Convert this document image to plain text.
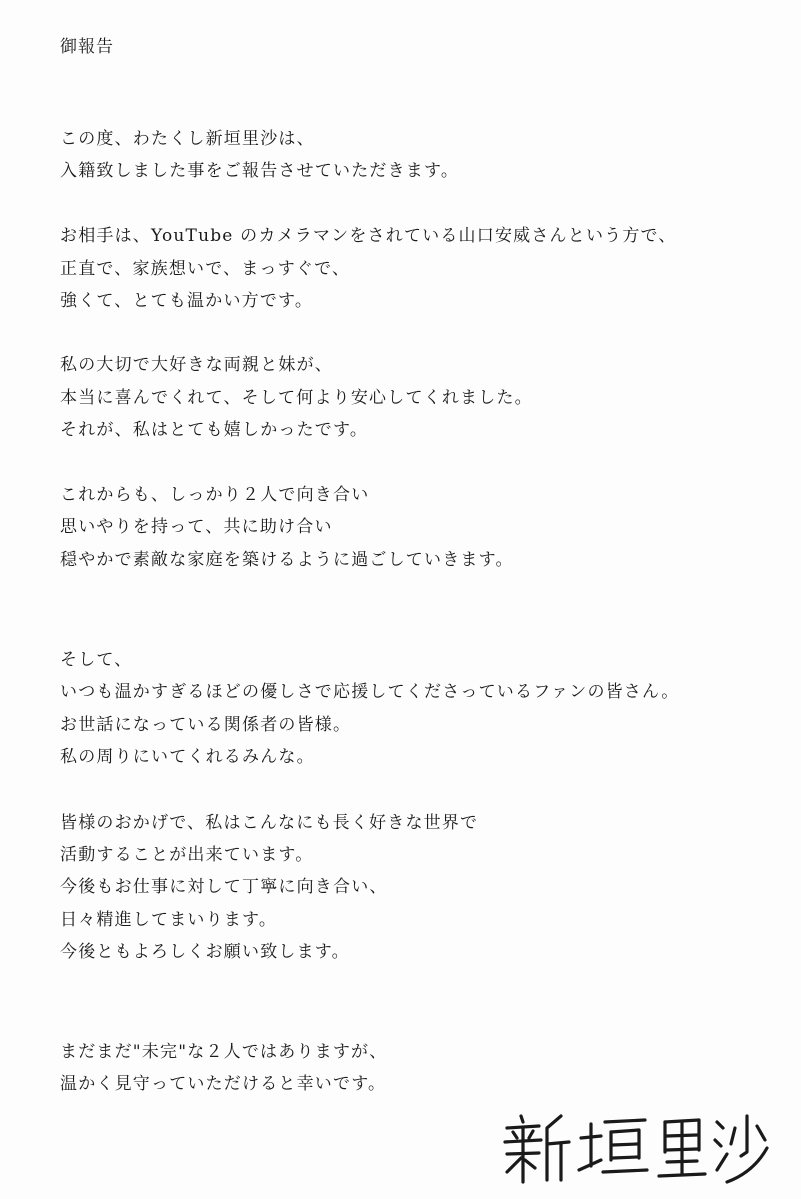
御報告
この度、わたくし新垣里沙は、
入籍致しました事をご報告させていただきます。
お相手は、YouTube のカメラマンをされている山口安威さんという方で、
正直で、家族想いで、まっすぐで、
強くて、とても温かい方です。
私の大切で大好きな両親と妹が、
本当に喜んでくれて、そして何より安心してくれました。
それが、私はとても嬉しかったです。
これからも、しっかり２人で向き合い
思いやりを持って、共に助け合い
穏やかで素敵な家庭を築けるように過ごしていきます。
そして、
いつも温かすぎるほどの優しさで応援してくださっているファンの皆さん。
お世話になっている関係者の皆様。
私の周りにいてくれるみんな。
皆様のおかげで、私はこんなにも長く好きな世界で
活動することが出来ています。
今後もお仕事に対して丁寧に向き合い、
日々精進してまいります。
今後ともよろしくお願い致します。
まだまだ"未完"な２人ではありますが、
温かく見守っていただけると幸いです。
